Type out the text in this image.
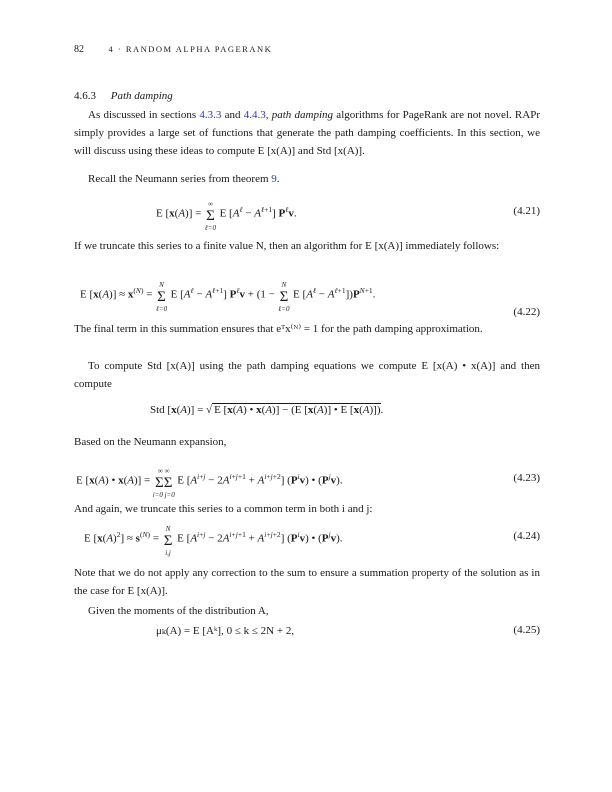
82	4 · RANDOM ALPHA PAGERANK
4.6.3 Path damping
As discussed in sections 4.3.3 and 4.4.3, path damping algorithms for PageRank are not novel. RAPr simply provides a large set of functions that generate the path damping coefficients. In this section, we will discuss using these ideas to compute E [x(A)] and Std [x(A)].
Recall the Neumann series from theorem 9.
E [x(A)] = Σ
∞
ℓ=0
E $[A^\ell - A^{\ell+1}]$ $P^\ell v$.	(4.21)
If we truncate this series to a finite value N, then an algorithm for E [x(A)] immediately follows:
E $[x(A)] \approx x^{(N)} = \Sigma$
N
ℓ=0
E $[A^\ell - A^{\ell+1}] P^\ell v + (1 - \Sigma$
N
ℓ=0
E $[A^\ell - A^{\ell+1}])P^{N+1}$.
(4.22)
The final term in this summation ensures that eᵀx⁽ᴺ⁾ = 1 for the path damping approximation.
To compute Std [x(A)] using the path damping equations we compute E [x(A) • x(A)] and then compute
Std [x(A)] = √ E [x(A) • x(A)] − (E [x(A)] • E [x(A)]).
Based on the Neumann expansion,
E [x(A) • x(A)] = ΣΣ
∞ ∞
i=0 j=0
E $[A^{i+j} - 2A^{i+j+1} + A^{i+j+2}]$ $(P^iv)$ • $(P^jv)$.	(4.23)
And again, we truncate this series to a common term in both i and j:
E $[x(A)^2] \approx s^{(N)} = \Sigma$
N
i,j
E $[A^{i+j} - 2A^{i+j+1} + A^{i+j+2}]$ $(P^iv)$ • $(P^jv)$.	(4.24)
Note that we do not apply any correction to the sum to ensure a summation property of the solution as in the case for E [x(A)].
Given the moments of the distribution A,
μₖ(A) = E [Aᵏ], 0 ≤ k ≤ 2N + 2,	(4.25)
